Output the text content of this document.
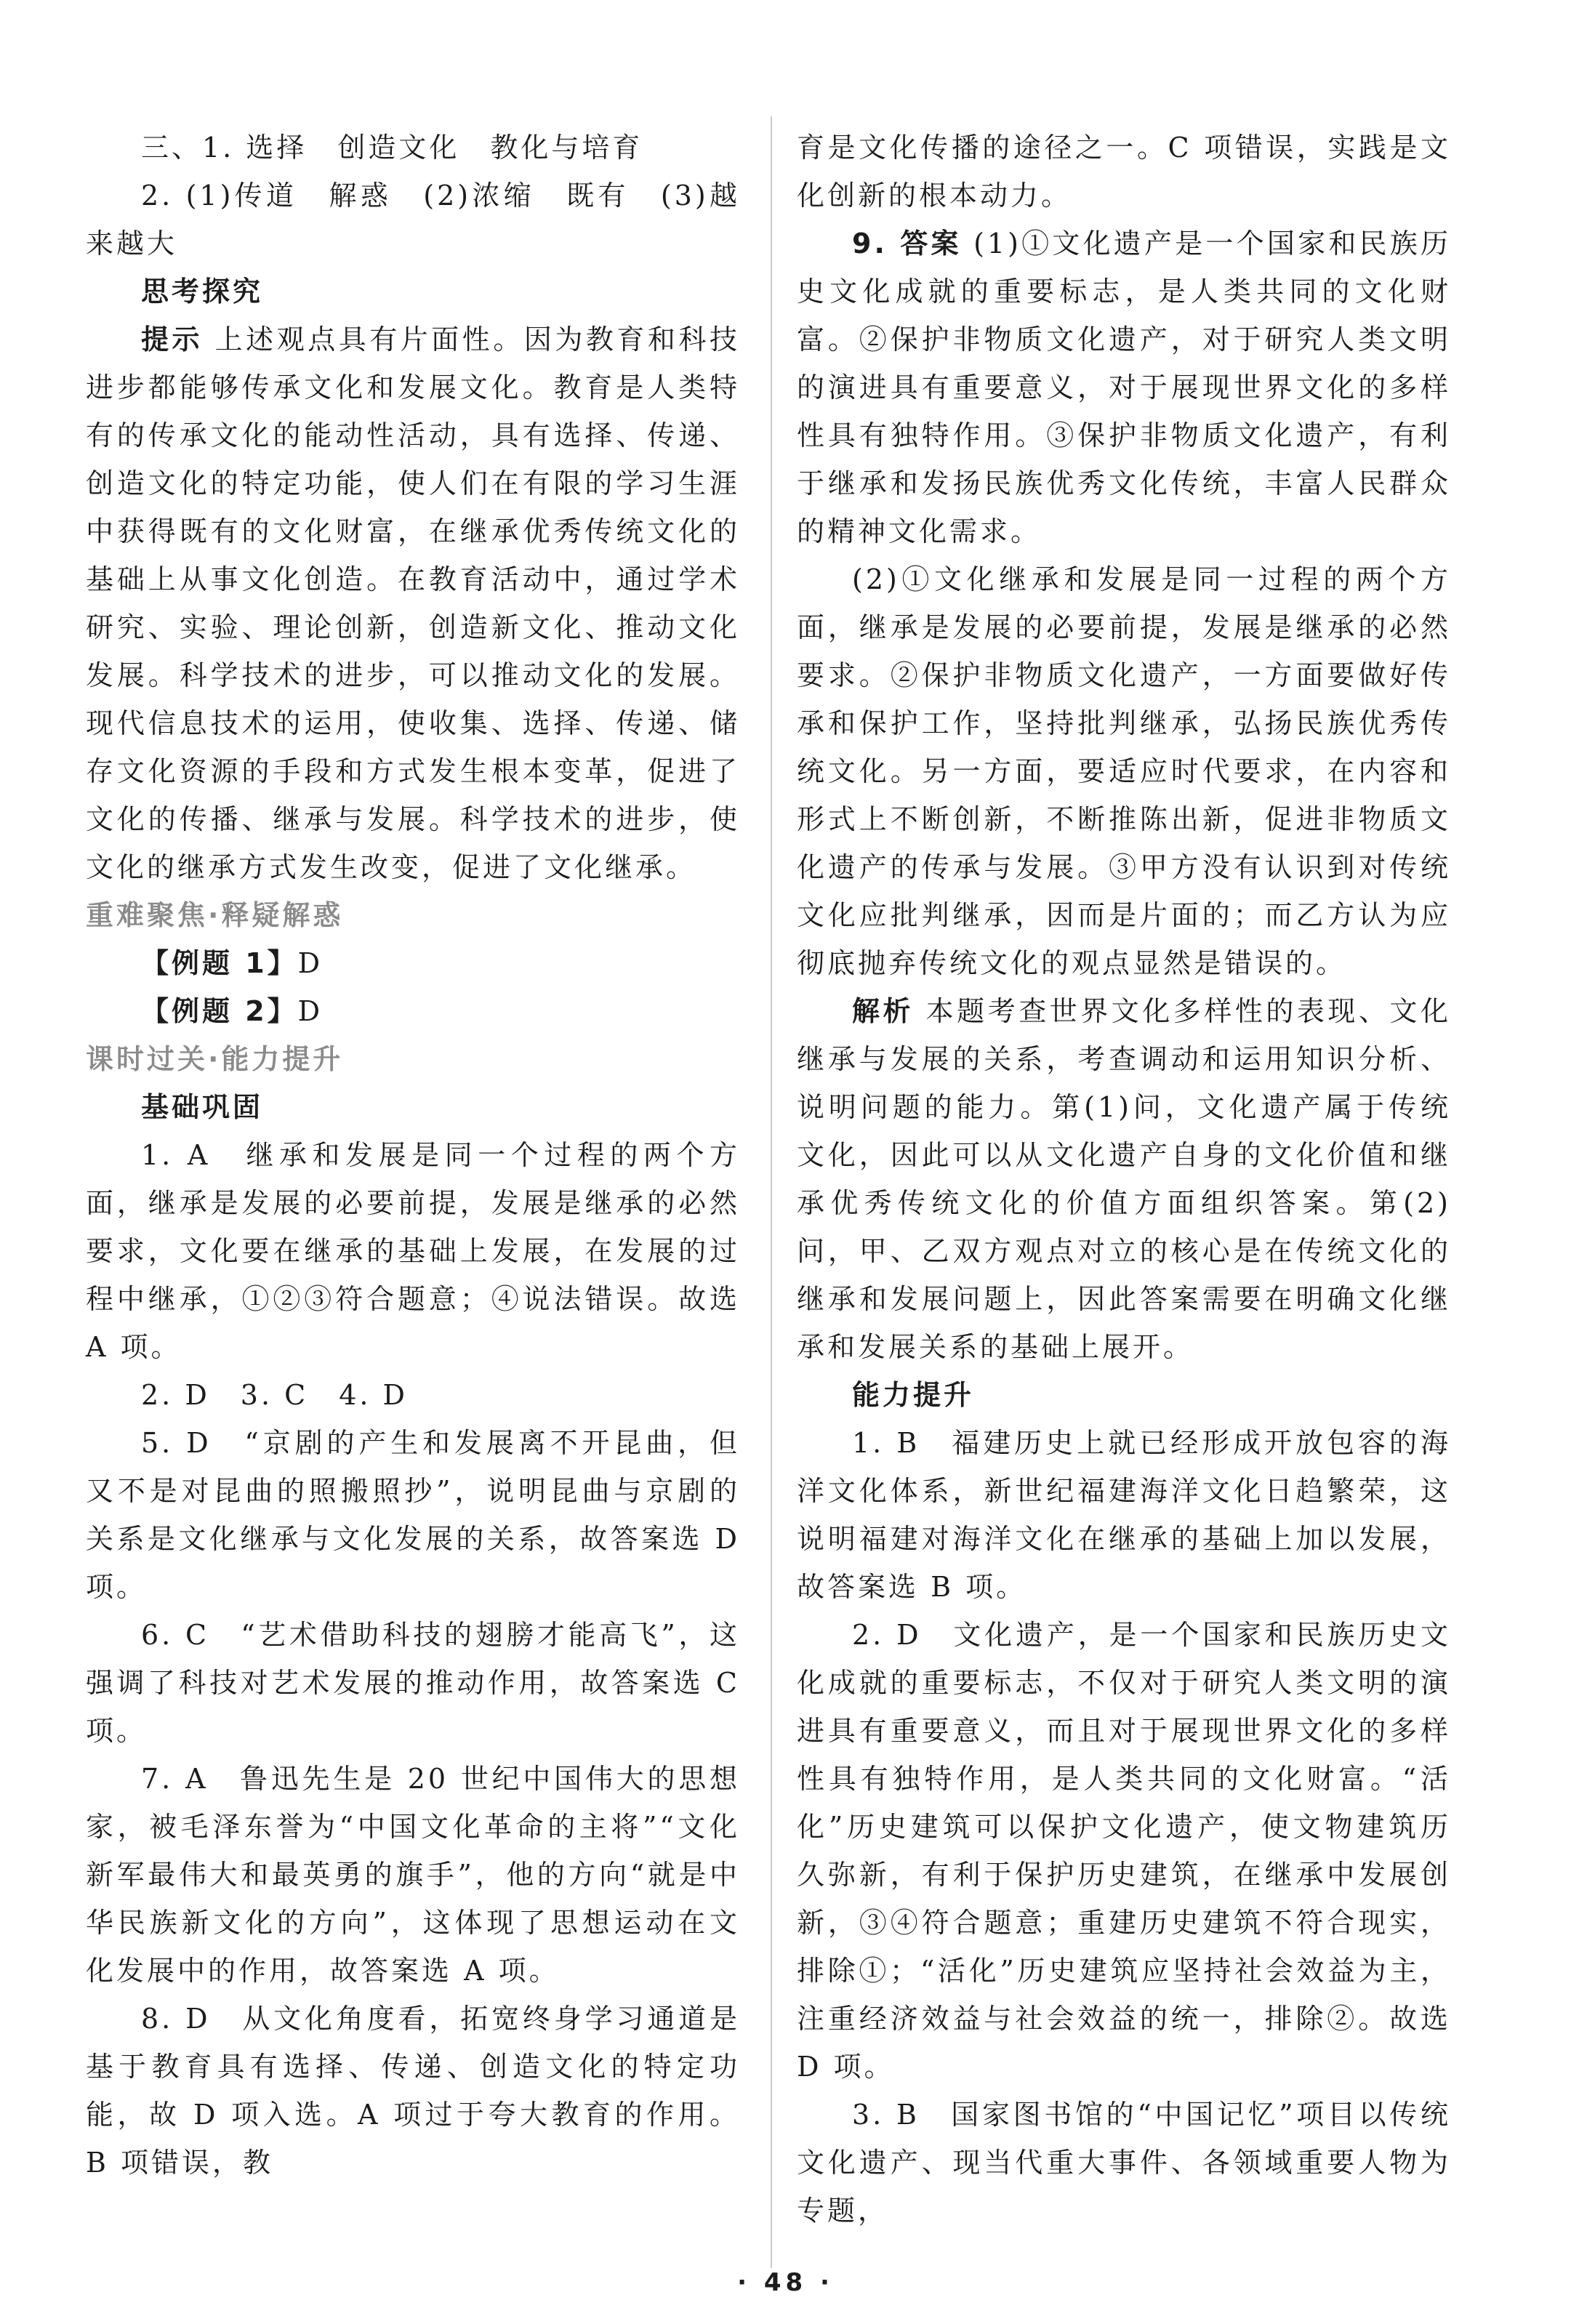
三、1. 选择　创造文化　教化与培育

2. (1)传道　解惑　(2)浓缩　既有　(3)越来越大

思考探究

提示 上述观点具有片面性。因为教育和科技进步都能够传承文化和发展文化。教育是人类特有的传承文化的能动性活动，具有选择、传递、创造文化的特定功能，使人们在有限的学习生涯中获得既有的文化财富，在继承优秀传统文化的基础上从事文化创造。在教育活动中，通过学术研究、实验、理论创新，创造新文化、推动文化发展。科学技术的进步，可以推动文化的发展。现代信息技术的运用，使收集、选择、传递、储存文化资源的手段和方式发生根本变革，促进了文化的传播、继承与发展。科学技术的进步，使文化的继承方式发生改变，促进了文化继承。

重难聚焦·释疑解惑

【例题 1】D

【例题 2】D

课时过关·能力提升

基础巩固

1. A　继承和发展是同一个过程的两个方面，继承是发展的必要前提，发展是继承的必然要求，文化要在继承的基础上发展，在发展的过程中继承，①②③符合题意；④说法错误。故选 A 项。

2. D　3. C　4. D

5. D　“京剧的产生和发展离不开昆曲，但又不是对昆曲的照搬照抄”，说明昆曲与京剧的关系是文化继承与文化发展的关系，故答案选 D 项。

6. C　“艺术借助科技的翅膀才能高飞”，这强调了科技对艺术发展的推动作用，故答案选 C 项。

7. A　鲁迅先生是 20 世纪中国伟大的思想家，被毛泽东誉为“中国文化革命的主将”“文化新军最伟大和最英勇的旗手”，他的方向“就是中华民族新文化的方向”，这体现了思想运动在文化发展中的作用，故答案选 A 项。

8. D　从文化角度看，拓宽终身学习通道是基于教育具有选择、传递、创造文化的特定功能，故 D 项入选。A 项过于夸大教育的作用。B 项错误，教

育是文化传播的途径之一。C 项错误，实践是文化创新的根本动力。

9. 答案 (1)①文化遗产是一个国家和民族历史文化成就的重要标志，是人类共同的文化财富。②保护非物质文化遗产，对于研究人类文明的演进具有重要意义，对于展现世界文化的多样性具有独特作用。③保护非物质文化遗产，有利于继承和发扬民族优秀文化传统，丰富人民群众的精神文化需求。

(2)①文化继承和发展是同一过程的两个方面，继承是发展的必要前提，发展是继承的必然要求。②保护非物质文化遗产，一方面要做好传承和保护工作，坚持批判继承，弘扬民族优秀传统文化。另一方面，要适应时代要求，在内容和形式上不断创新，不断推陈出新，促进非物质文化遗产的传承与发展。③甲方没有认识到对传统文化应批判继承，因而是片面的；而乙方认为应彻底抛弃传统文化的观点显然是错误的。

解析 本题考查世界文化多样性的表现、文化继承与发展的关系，考查调动和运用知识分析、说明问题的能力。第(1)问，文化遗产属于传统文化，因此可以从文化遗产自身的文化价值和继承优秀传统文化的价值方面组织答案。第(2)问，甲、乙双方观点对立的核心是在传统文化的继承和发展问题上，因此答案需要在明确文化继承和发展关系的基础上展开。

能力提升

1. B　福建历史上就已经形成开放包容的海洋文化体系，新世纪福建海洋文化日趋繁荣，这说明福建对海洋文化在继承的基础上加以发展，故答案选 B 项。

2. D　文化遗产，是一个国家和民族历史文化成就的重要标志，不仅对于研究人类文明的演进具有重要意义，而且对于展现世界文化的多样性具有独特作用，是人类共同的文化财富。“活化”历史建筑可以保护文化遗产，使文物建筑历久弥新，有利于保护历史建筑，在继承中发展创新，③④符合题意；重建历史建筑不符合现实，排除①；“活化”历史建筑应坚持社会效益为主，注重经济效益与社会效益的统一，排除②。故选 D 项。

3. B　国家图书馆的“中国记忆”项目以传统文化遗产、现当代重大事件、各领域重要人物为专题，

· 48 ·
